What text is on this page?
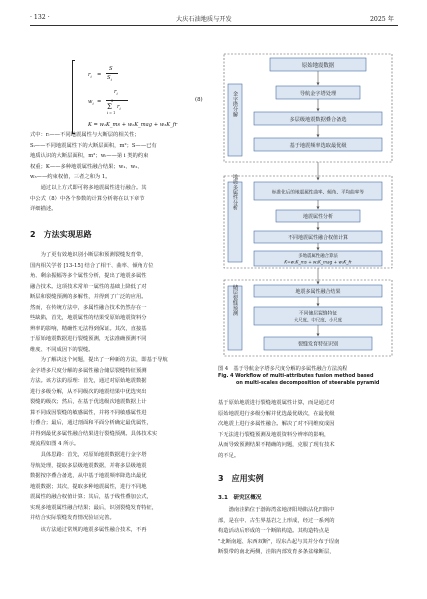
· 132 ·	大庆石油地质与开发	2025 年
$r_i$ =
S
$S_i$
$w_i$ =
$r_i$
3
Σ $r_i$
i = 1
K = w₁K_ms + w₂K_mag + w₃K_fr
(8)

式中：rᵢ——不同地震属性与大断层的相关性；

Sᵢ——不同地震属性下的大断层面积，m²；S——已有

地质认识的大断层面积，m²；wᵢ——第 i 类的约束

权重；K——多种地震属性融合结果；w₁、w₂、

w₃——约束权值，三者之和为 1。

通过以上方式即可将多地震属性进行融合。其

中公式（8）中各个参数的计算分析将在以下章节

详细描述。

2　方法实现思路

为了更有效地识别小断层和预测裂缝发育带，

国内相关学者 [13-15] 结合了相干、曲率、倾角方位

角、剩余振幅等多个属性分析，提出了地震多属性

融合技术。这项技术常单一属性的基础上降低了对

断层和裂缝预测的多解性，并得到了广泛的应用。

然而，在传统方法中，多属性融合技术仍然存在一

些缺陷，首先，地震属性的结果受原始地震资料分

辨率的影响，精确性无法得到保证。其次，直接基

于原始地震数据进行裂缝预测，无法准确预测不同

维度、不同成因下的裂缝。

为了解决这个问题，提出了一种新的方法，即基于导航

金字塔多尺度分解的多属性融合储层裂缝特征预测

方法。该方法的原理：首先，通过对原始地震数据

进行多级分解，从不同级次的地震结果中优选突出

裂缝的级次；然后，在基于优选级次地震数据上计

算不同成因裂缝的敏感属性，并将不同敏感属性进

行叠合；最后，通过剖面和平面分析确定最优属性，

并得到最优多属性融合结果进行裂缝预测。具体技术实

现流程如图 4 所示。

具体思路：首先，对原始地震数据进行金字塔

导航处理，提取多层级地震数据，并将多层级地震

数据按序叠合备选，从中基于地震频率降选出最优

地震数据；其次，提取多种地震属性，进行不同地

震属性的融合权值计算；其后，基于线性叠加公式，

实现多地震属性融合结果；最后，识别裂缝发育特征，

并结合实际裂缝发育情况验证完善。

该方法通过常规的地震多属性融合技术，不再

金字塔分解
地震多属性分析
储层裂缝预测
原始地震数据
导航金字塔处理
多层级地震数据叠合备选
基于地震频率选取最优级
标准化后的地震属性曲率、倾角、平均曲率等
地震属性分析
不同地震属性融合权值计算
多地震属性融合算法
K=w₁K_ms + w₂K_mag + w₃K_fr
地震多属性融合结果
不同储层裂缝特征
大尺度、中尺度、小尺度
裂缝发育特征识别
图 4　基于导航金字塔多尺度分解的多属性融合方法流程
Fig. 4 Workflow of multi-attributes fusion method based
on multi-scales decomposition of steerable pyramid

基于原始地震进行裂缝地震属性计算，而是通过对

原始地震进行多级分解并优选最优级次，在最优级

次地震上进行多属性融合。解决了对不同维度成因

下无法进行裂缝预测及地震资料分辨率的影响，

从而导致预测结果不精确的问题，克服了现有技术

的不足。

3　应用实例
3.1　研究区概况

渤南洼陷位于渤海湾盆地济阳坳陷沾化凹陷中

部，是在中、古生界基岩之上形成，经过一系列的

构造活动后形成的一个断陷构造。其构造特点是

"北断南超、东西双断"，埕东凸起与其并分布于埕南

断裂带的南北两侧，洼陷内部发育多条盆缘断层，
